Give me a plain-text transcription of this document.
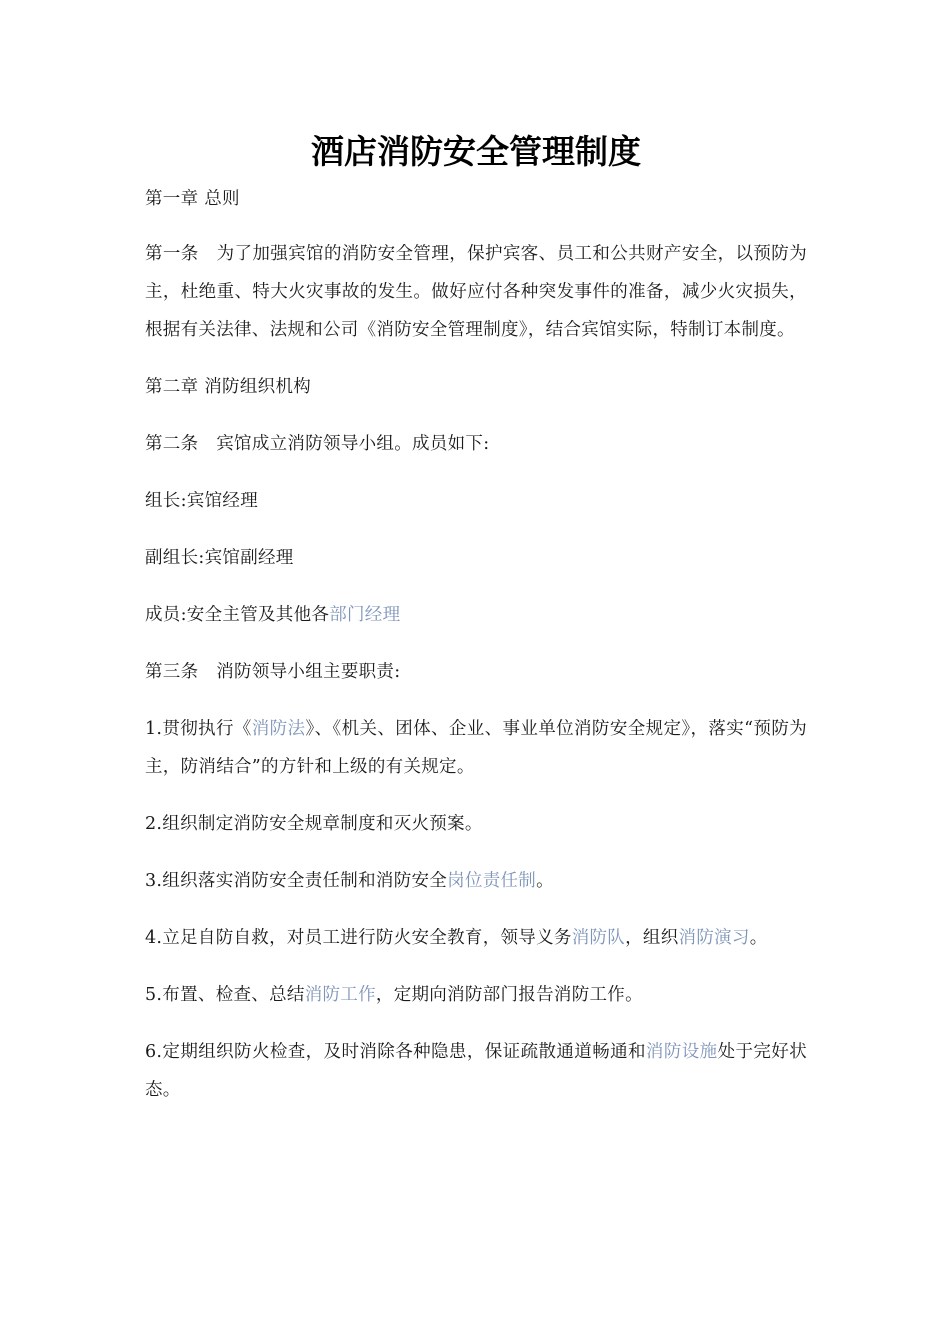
酒店消防安全管理制度

第一章 总则

第一条  为了加强宾馆的消防安全管理，保护宾客、员工和公共财产安全，以预防为主，杜绝重、特大火灾事故的发生。做好应付各种突发事件的准备，减少火灾损失，根据有关法律、法规和公司《消防安全管理制度》，结合宾馆实际，特制订本制度。

第二章 消防组织机构

第二条  宾馆成立消防领导小组。成员如下:

组长:宾馆经理

副组长:宾馆副经理

成员:安全主管及其他各部门经理

第三条  消防领导小组主要职责:

1.贯彻执行《消防法》、《机关、团体、企业、事业单位消防安全规定》，落实“预防为主，防消结合”的方针和上级的有关规定。

2.组织制定消防安全规章制度和灭火预案。

3.组织落实消防安全责任制和消防安全岗位责任制。

4.立足自防自救，对员工进行防火安全教育，领导义务消防队，组织消防演习。

5.布置、检查、总结消防工作，定期向消防部门报告消防工作。

6.定期组织防火检查，及时消除各种隐患，保证疏散通道畅通和消防设施处于完好状态。
